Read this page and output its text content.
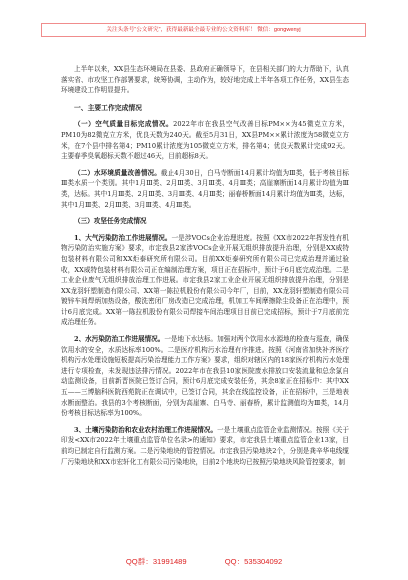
关注头条号“公文研究”，获得最新最全最专业的公文资料库！ 微信：gongwenyj

上半年以来，XX县生态环境局在县委、县政府正确领导下，在县相关部门的大力帮助下，认真落实省、市攻坚工作部署要求，统筹协调，主动作为，较好地完成上半年各项工作任务，XX县生态环境建设工作明显提升。

一、主要工作完成情况

（一）空气质量目标完成情况。2022年市在我县空气改善目标PM××为45微克立方米，PM10为82微克立方米，优良天数为240天。截至5月31日，XX县PM××累计浓度为58微克立方米，在7个县中排名第4；PM10累计浓度为105微克立方米，排名第4；优良天数累计完成92天。主要春季臭氧超标天数不超过46天，目前超标8天。

（二）水环境质量改善情况。截止4月30日，白马寺断面14月累计均值为Ⅲ类，低于考核目标Ⅲ类水质一个类别。其中1月Ⅲ类、2月Ⅲ类、3月Ⅲ类、4月Ⅲ类；高崖寨断面14月累计均值为Ⅲ类，达标。其中1月Ⅲ类、2月Ⅲ类、3月Ⅲ类、4月Ⅲ类；丽春桥断面14月累计均值为Ⅲ类，达标，其中1月Ⅲ类、2月Ⅲ类、3月Ⅲ类、4月Ⅲ类。

（三）攻坚任务完成情况

1、大气污染防治工作进展情况。一是涉VOCs企业治理进度。按照《XX市2022年挥发性有机物污染防治实施方案》要求，市定我县2家涉VOCs企业开展无组织排放提升治理，分别是XX威特包装材料有限公司和XX炬泰研究所有限公司。目前XX炬泰研究所有限公司已完成治理并通过验收，XX威特包装材料有限公司正在编制治理方案，项目正在招标中，预计于6月底完成治理。二是工业企业废气无组织排放治理工作进展。市定我县2家工业企业开展无组织排放提升治理，分别是XX龙羽轩塑制造有限公司、XX第一陈拉机股份有限公司今年厂，目前，XX龙羽轩塑制造有限公司镀锌车间焊炳加热设备，酸洗密闭厂房改造已完成治理，机加工车间摩擦除尘设备正在治理中，预计6月底完成。XX第一陈拉机股份有限公司焊接车间治理项目目前已完成招标，预计于7月底前完成治理任务。

2、水污染防治工作进展情况。一是地下水达标。加强对两个饮用水水源地的检查与巡查，确保饮用水的安全，水质达标率100%。二是医疗机构污水治理有序推进。按照《河南省加快补齐医疗机构污水处理设施短板提高污染治理能力工作方案》要求，组织对辖区内的18家医疗机构污水处理进行专项检查，未发现违法排污情况。2022年市在我县10家医院废水排放口安装流量和总余氯自动监测设备，目前新晋医院已签订合同，预计6月底完成安装任务，其余8家正在招标中：其中XX五——三博脑科医院西苑院正在调试中，已签订合同，其余在线监控设备，正在招标中，三是地表水断面整治。我县的3个考核断面，分别为高崖寨、白马寺、丽春桥，累计监测值均为Ⅲ类，14月份考核目标达标率为100%。

3、土壤污染防治和农业农村治理工作进展情况。一是土壤重点监管企业监测情况。按照《关于印发<XX市2022年土壤重点监管单位名录>的通知》要求，市定我县土壤重点监管企业13家，目前均已制定自行监测方案。二是污染地块的管控情况。市定我县污染地块2个，分别是龚辛华电线缆厂污染地块和XX市宏轩化工有限公司污染地块，目前2个地块均已按照污染地块风险管控要求，制

QQ群：31991489	QQ：535304092
